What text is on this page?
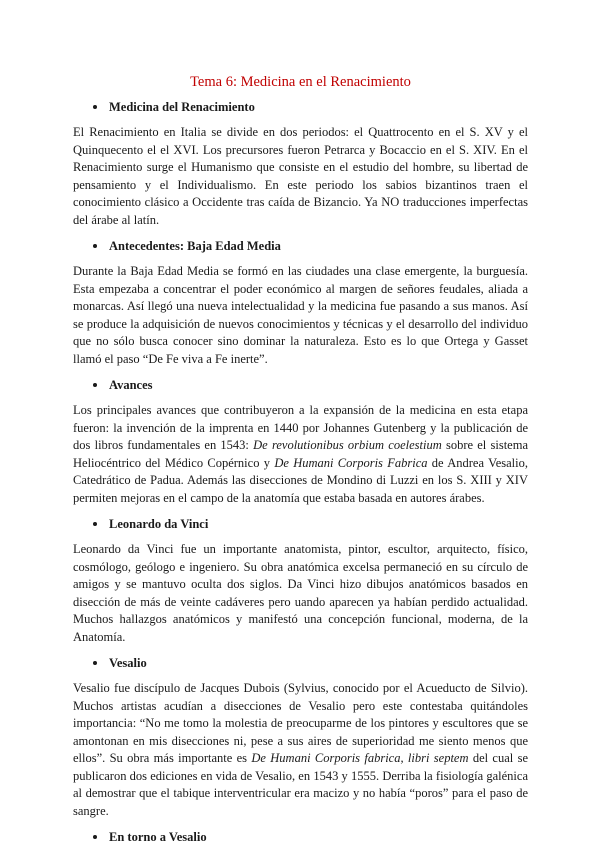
Tema 6: Medicina en el Renacimiento
Medicina del Renacimiento

El Renacimiento en Italia se divide en dos periodos: el Quattrocento en el S. XV y el Quinquecento el el XVI. Los precursores fueron Petrarca y Bocaccio en el S. XIV. En el Renacimiento surge el Humanismo que consiste en el estudio del hombre, su libertad de pensamiento y el Individualismo. En este periodo los sabios bizantinos traen el conocimiento clásico a Occidente tras caída de Bizancio. Ya NO traducciones imperfectas del árabe al latín.

Antecedentes: Baja Edad Media

Durante la Baja Edad Media se formó en las ciudades una clase emergente, la burguesía. Esta empezaba a concentrar el poder económico al margen de señores feudales, aliada a monarcas. Así llegó una nueva intelectualidad y la medicina fue pasando a sus manos. Así se produce la adquisición de nuevos conocimientos y técnicas y el desarrollo del individuo que no sólo busca conocer sino dominar la naturaleza. Esto es lo que Ortega y Gasset llamó el paso “De Fe viva a Fe inerte”.

Avances

Los principales avances que contribuyeron a la expansión de la medicina en esta etapa fueron: la invención de la imprenta en 1440 por Johannes Gutenberg y la publicación de dos libros fundamentales en 1543: De revolutionibus orbium coelestium sobre el sistema Heliocéntrico del Médico Copérnico y De Humani Corporis Fabrica de Andrea Vesalio, Catedrático de Padua. Además las disecciones de Mondino di Luzzi en los S. XIII y XIV permiten mejoras en el campo de la anatomía que estaba basada en autores árabes.

Leonardo da Vinci

Leonardo da Vinci fue un importante anatomista, pintor, escultor, arquitecto, físico, cosmólogo, geólogo e ingeniero. Su obra anatómica excelsa permaneció en su círculo de amigos y se mantuvo oculta dos siglos. Da Vinci hizo dibujos anatómicos basados en disección de más de veinte cadáveres pero uando aparecen ya habían perdido actualidad. Muchos hallazgos anatómicos y manifestó una concepción funcional, moderna, de la Anatomía.

Vesalio

Vesalio fue discípulo de Jacques Dubois (Sylvius, conocido por el Acueducto de Silvio). Muchos artistas acudían a disecciones de Vesalio pero este contestaba quitándoles importancia: “No me tomo la molestia de preocuparme de los pintores y escultores que se amontonan en mis disecciones ni, pese a sus aires de superioridad me siento menos que ellos”. Su obra más importante es De Humani Corporis fabrica, libri septem del cual se publicaron dos ediciones en vida de Vesalio, en 1543 y 1555. Derriba la fisiología galénica al demostrar que el tabique interventricular era macizo y no había “poros” para el paso de sangre.

En torno a Vesalio
